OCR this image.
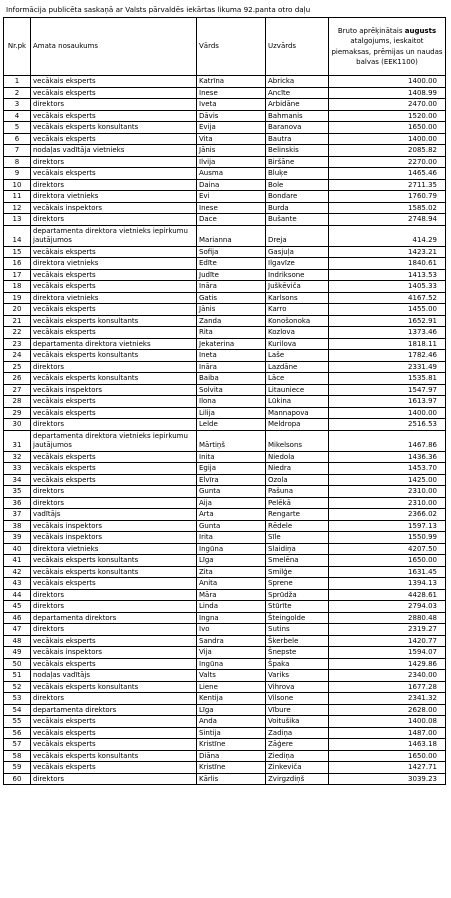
Informācija publicēta saskaņā ar Valsts pārvaldēs iekārtas likuma 92.panta otro daļu
Nr.pk	Amata nosaukums	Vārds	Uzvārds	Bruto aprēķinātais augusts atalgojums, ieskaitot piemaksas, prēmijas un naudas balvas (EEK1100)
1	vecākais eksperts	Katrīna	Abricka	1400.00
2	vecākais eksperts	Inese	Ancīte	1408.99
3	direktors	Iveta	Arbidāne	2470.00
4	vecākais eksperts	Dāvis	Bahmanis	1520.00
5	vecākais eksperts konsultants	Evija	Baranova	1650.00
6	vecākais eksperts	Vita	Bautra	1400.00
7	nodaļas vadītāja vietnieks	Jānis	Belinskis	2085.82
8	direktors	Ilvija	Biršāne	2270.00
9	vecākais eksperts	Ausma	Bluķe	1465.46
10	direktors	Daina	Bole	2711.35
11	direktora vietnieks	Evi	Bondare	1760.79
12	vecākais inspektors	Inese	Burda	1585.02
13	direktors	Dace	Bušante	2748.94
14	departamenta direktora vietnieks iepirkumu jautājumos	Marianna	Dreja	414.29
15	vecākais eksperts	Sofija	Gasjuļa	1423.21
16	direktora vietnieks	Edīte	Ilgavīze	1840.61
17	vecākais eksperts	Judīte	Indriksone	1413.53
18	vecākais eksperts	Ināra	Juškēviča	1405.33
19	direktora vietnieks	Gatis	Karlsons	4167.52
20	vecākais eksperts	Jānis	Karro	1455.00
21	vecākais eksperts konsultants	Zanda	Konošonoka	1652.91
22	vecākais eksperts	Rita	Kozlova	1373.46
23	departamenta direktora vietnieks	Jekaterina	Kurilova	1818.11
24	vecākais eksperts konsultants	Ineta	Laše	1782.46
25	direktors	Ināra	Lazdāne	2331.49
26	vecākais eksperts konsultants	Baiba	Lāce	1535.81
27	vecākais inspektors	Solvita	Litauniece	1547.97
28	vecākais eksperts	Ilona	Lūkina	1613.97
29	vecākais eksperts	Lilija	Mannapova	1400.00
30	direktors	Lelde	Meldropa	2516.53
31	departamenta direktora vietnieks iepirkumu jautājumos	Mārtiņš	Mikelsons	1467.86
32	vecākais eksperts	Inita	Niedola	1436.36
33	vecākais eksperts	Egija	Niedra	1453.70
34	vecākais eksperts	Elvīra	Ozola	1425.00
35	direktors	Gunta	Pašuna	2310.00
36	direktors	Aija	Pelēkā	2310.00
37	vadītājs	Arta	Rengarte	2366.02
38	vecākais inspektors	Gunta	Rēdele	1597.13
39	vecākais inspektors	Irita	Sīle	1550.99
40	direktora vietnieks	Ingūna	Slaidiņa	4207.50
41	vecākais eksperts konsultants	Līga	Smelēna	1650.00
42	vecākais eksperts konsultants	Zita	Smilģe	1631.45
43	vecākais eksperts	Anita	Sprene	1394.13
44	direktors	Māra	Sprūdža	4428.61
45	direktors	Linda	Stūrīte	2794.03
46	departamenta direktors	Ingna	Šteingolde	2880.48
47	direktors	Ivo	Sutins	2319.27
48	vecākais eksperts	Sandra	Škerbele	1420.77
49	vecākais inspektors	Vija	Šnepste	1594.07
50	vecākais eksperts	Ingūna	Špaka	1429.86
51	nodaļas vadītājs	Valts	Variks	2340.00
52	vecākais eksperts konsultants	Liene	Vihrova	1677.28
53	direktors	Kentija	Vilsone	2341.32
54	departamenta direktors	Līga	Vībure	2628.00
55	vecākais eksperts	Anda	Voitušika	1400.08
56	vecākais eksperts	Sintija	Zadiņa	1487.00
57	vecākais eksperts	Kristīne	Zāģere	1463.18
58	vecākais eksperts konsultants	Diāna	Ziediņa	1650.00
59	vecākais eksperts	Kristīne	Zinkeviča	1427.71
60	direktors	Kārlis	Zvirgzdiņš	3039.23
